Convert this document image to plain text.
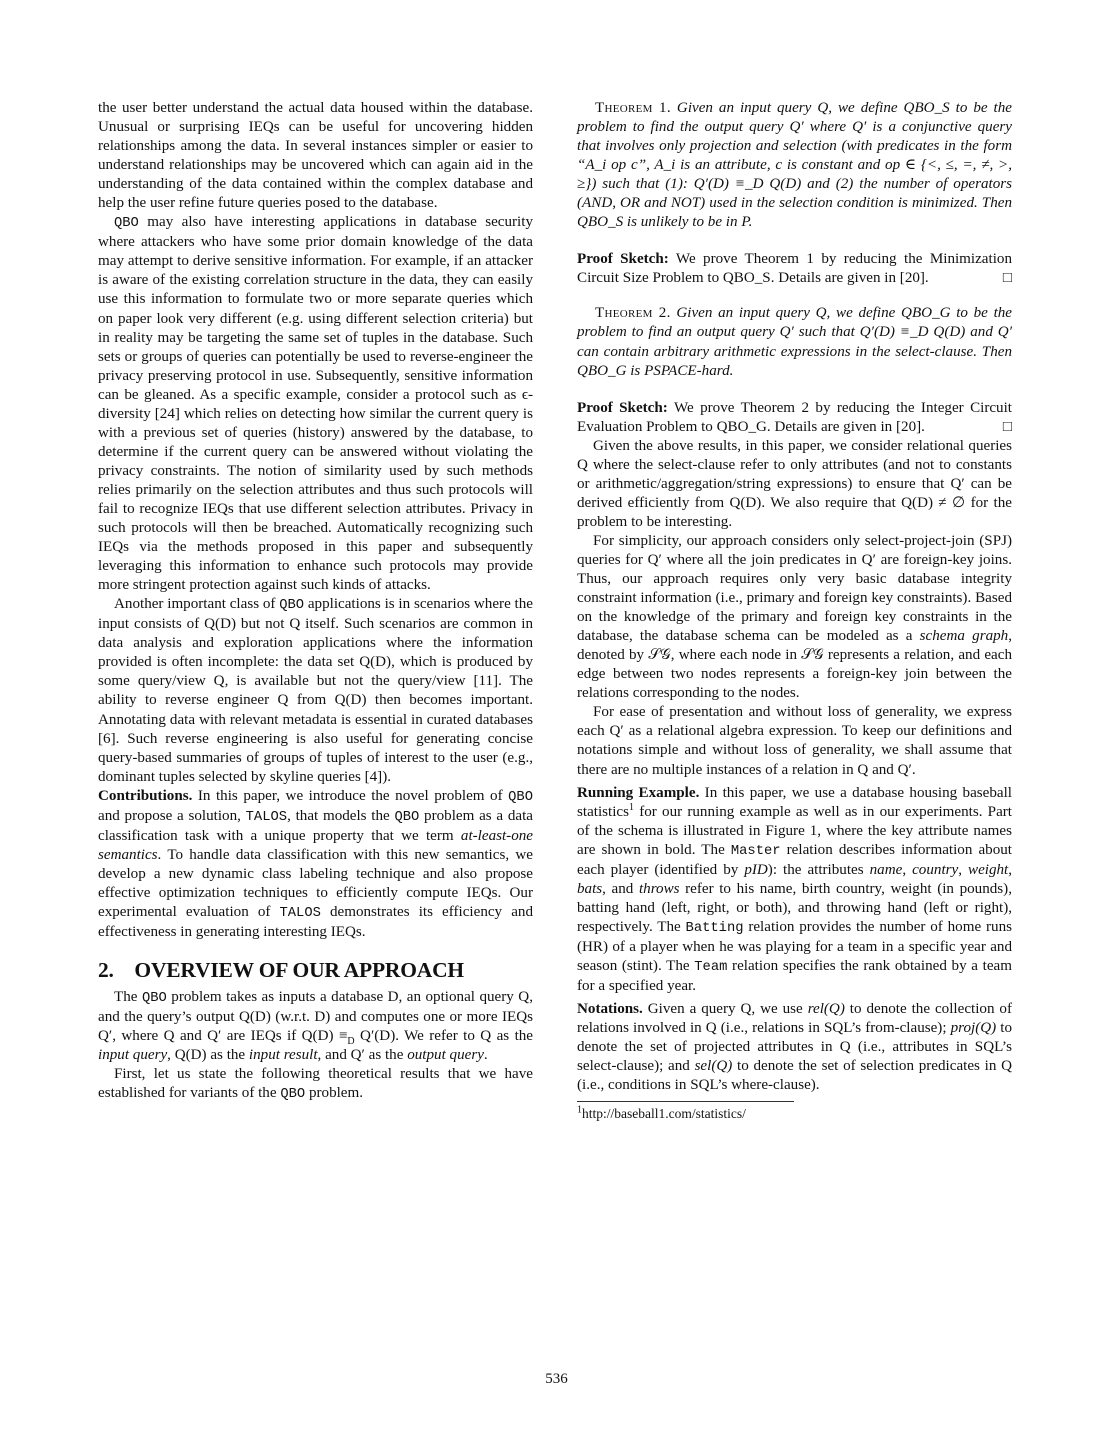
the user better understand the actual data housed within the database. Unusual or surprising IEQs can be useful for uncovering hidden relationships among the data. In several instances simpler or easier to understand relationships may be uncovered which can again aid in the understanding of the data contained within the complex database and help the user refine future queries posed to the database.

QBO may also have interesting applications in database security where attackers who have some prior domain knowledge of the data may attempt to derive sensitive information. For example, if an attacker is aware of the existing correlation structure in the data, they can easily use this information to formulate two or more separate queries which on paper look very different (e.g. using different selection criteria) but in reality may be targeting the same set of tuples in the database. Such sets or groups of queries can potentially be used to reverse-engineer the privacy preserving protocol in use. Subsequently, sensitive information can be gleaned. As a specific example, consider a protocol such as ϵ-diversity [24] which relies on detecting how similar the current query is with a previous set of queries (history) answered by the database, to determine if the current query can be answered without violating the privacy constraints. The notion of similarity used by such methods relies primarily on the selection attributes and thus such protocols will fail to recognize IEQs that use different selection attributes. Privacy in such protocols will then be breached. Automatically recognizing such IEQs via the methods proposed in this paper and subsequently leveraging this information to enhance such protocols may provide more stringent protection against such kinds of attacks.

Another important class of QBO applications is in scenarios where the input consists of Q(D) but not Q itself. Such scenarios are common in data analysis and exploration applications where the information provided is often incomplete: the data set Q(D), which is produced by some query/view Q, is available but not the query/view [11]. The ability to reverse engineer Q from Q(D) then becomes important. Annotating data with relevant metadata is essential in curated databases [6]. Such reverse engineering is also useful for generating concise query-based summaries of groups of tuples of interest to the user (e.g., dominant tuples selected by skyline queries [4]).

Contributions. In this paper, we introduce the novel problem of QBO and propose a solution, TALOS, that models the QBO problem as a data classification task with a unique property that we term at-least-one semantics. To handle data classification with this new semantics, we develop a new dynamic class labeling technique and also propose effective optimization techniques to efficiently compute IEQs. Our experimental evaluation of TALOS demonstrates its efficiency and effectiveness in generating interesting IEQs.

2.    OVERVIEW OF OUR APPROACH

The QBO problem takes as inputs a database D, an optional query Q, and the query’s output Q(D) (w.r.t. D) and computes one or more IEQs Q′, where Q and Q′ are IEQs if $Q(D) \equiv_D$ Q′(D). We refer to Q as the input query, Q(D) as the input result, and Q′ as the output query.

First, let us state the following theoretical results that we have established for variants of the QBO problem.

Theorem 1. Given an input query Q, we define QBO_S to be the problem to find the output query Q′ where Q′ is a conjunctive query that involves only projection and selection (with predicates in the form “A_i op c”, A_i is an attribute, c is constant and op ∈ {<, ≤, =, ≠, >, ≥}) such that (1): Q′(D) ≡_D Q(D) and (2) the number of operators (AND, OR and NOT) used in the selection condition is minimized. Then QBO_S is unlikely to be in P.

Proof Sketch: We prove Theorem 1 by reducing the Minimization Circuit Size Problem to QBO_S. Details are given in [20].	□

Theorem 2. Given an input query Q, we define QBO_G to be the problem to find an output query Q′ such that Q′(D) ≡_D Q(D) and Q′ can contain arbitrary arithmetic expressions in the select-clause. Then QBO_G is PSPACE-hard.

Proof Sketch: We prove Theorem 2 by reducing the Integer Circuit Evaluation Problem to QBO_G. Details are given in [20].	□

Given the above results, in this paper, we consider relational queries Q where the select-clause refer to only attributes (and not to constants or arithmetic/aggregation/string expressions) to ensure that Q′ can be derived efficiently from Q(D). We also require that Q(D) ≠ ∅ for the problem to be interesting.

For simplicity, our approach considers only select-project-join (SPJ) queries for Q′ where all the join predicates in Q′ are foreign-key joins. Thus, our approach requires only very basic database integrity constraint information (i.e., primary and foreign key constraints). Based on the knowledge of the primary and foreign key constraints in the database, the database schema can be modeled as a schema graph, denoted by 𝒮𝒢, where each node in 𝒮𝒢 represents a relation, and each edge between two nodes represents a foreign-key join between the relations corresponding to the nodes.

For ease of presentation and without loss of generality, we express each Q′ as a relational algebra expression. To keep our definitions and notations simple and without loss of generality, we shall assume that there are no multiple instances of a relation in Q and Q′.

Running Example. In this paper, we use a database housing baseball statistics$^1$ for our running example as well as in our experiments. Part of the schema is illustrated in Figure 1, where the key attribute names are shown in bold. The Master relation describes information about each player (identified by pID): the attributes name, country, weight, bats, and throws refer to his name, birth country, weight (in pounds), batting hand (left, right, or both), and throwing hand (left or right), respectively. The Batting relation provides the number of home runs (HR) of a player when he was playing for a team in a specific year and season (stint). The Team relation specifies the rank obtained by a team for a specified year.

Notations. Given a query Q, we use rel(Q) to denote the collection of relations involved in Q (i.e., relations in SQL’s from-clause); proj(Q) to denote the set of projected attributes in Q (i.e., attributes in SQL’s select-clause); and sel(Q) to denote the set of selection predicates in Q (i.e., conditions in SQL’s where-clause).

$^1$http://baseball1.com/statistics/

536
